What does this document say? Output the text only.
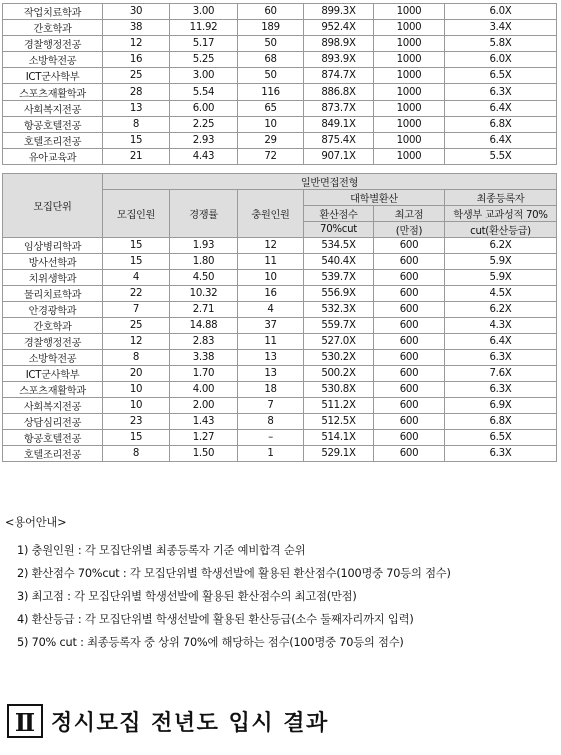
작업치료학과	30	3.00	60	899.3X	1000	6.0X
간호학과	38	11.92	189	952.4X	1000	3.4X
경찰행정전공	12	5.17	50	898.9X	1000	5.8X
소방학전공	16	5.25	68	893.9X	1000	6.0X
ICT군사학부	25	3.00	50	874.7X	1000	6.5X
스포츠재활학과	28	5.54	116	886.8X	1000	6.3X
사회복지전공	13	6.00	65	873.7X	1000	6.4X
항공호텔전공	8	2.25	10	849.1X	1000	6.8X
호텔조리전공	15	2.93	29	875.4X	1000	6.4X
유아교육과	21	4.43	72	907.1X	1000	5.5X
모집단위	일반면접전형					
	모집인원	경쟁률	충원인원	대학별환산		최종등록자
				환산점수	최고점	학생부 교과성적 70%
				70%cut	(만점)	cut(환산등급)
임상병리학과	15	1.93	12	534.5X	600	6.2X
방사선학과	15	1.80	11	540.4X	600	5.9X
치위생학과	4	4.50	10	539.7X	600	5.9X
물리치료학과	22	10.32	16	556.9X	600	4.5X
안경광학과	7	2.71	4	532.3X	600	6.2X
간호학과	25	14.88	37	559.7X	600	4.3X
경찰행정전공	12	2.83	11	527.0X	600	6.4X
소방학전공	8	3.38	13	530.2X	600	6.3X
ICT군사학부	20	1.70	13	500.2X	600	7.6X
스포츠재활학과	10	4.00	18	530.8X	600	6.3X
사회복지전공	10	2.00	7	511.2X	600	6.9X
상담심리전공	23	1.43	8	512.5X	600	6.8X
항공호텔전공	15	1.27	–	514.1X	600	6.5X
호텔조리전공	8	1.50	1	529.1X	600	6.3X
<용어안내>
1) 충원인원 : 각 모집단위별 최종등록자 기준 예비합격 순위
2) 환산점수 70%cut : 각 모집단위별 학생선발에 활용된 환산점수(100명중 70등의 점수)
3) 최고점 : 각 모집단위별 학생선발에 활용된 환산점수의 최고점(만점)
4) 환산등급 : 각 모집단위별 학생선발에 활용된 환산등급(소수 둘째자리까지 입력)
5) 70% cut : 최종등록자 중 상위 70%에 해당하는 점수(100명중 70등의 점수)
Ⅱ 정시모집 전년도 입시 결과
